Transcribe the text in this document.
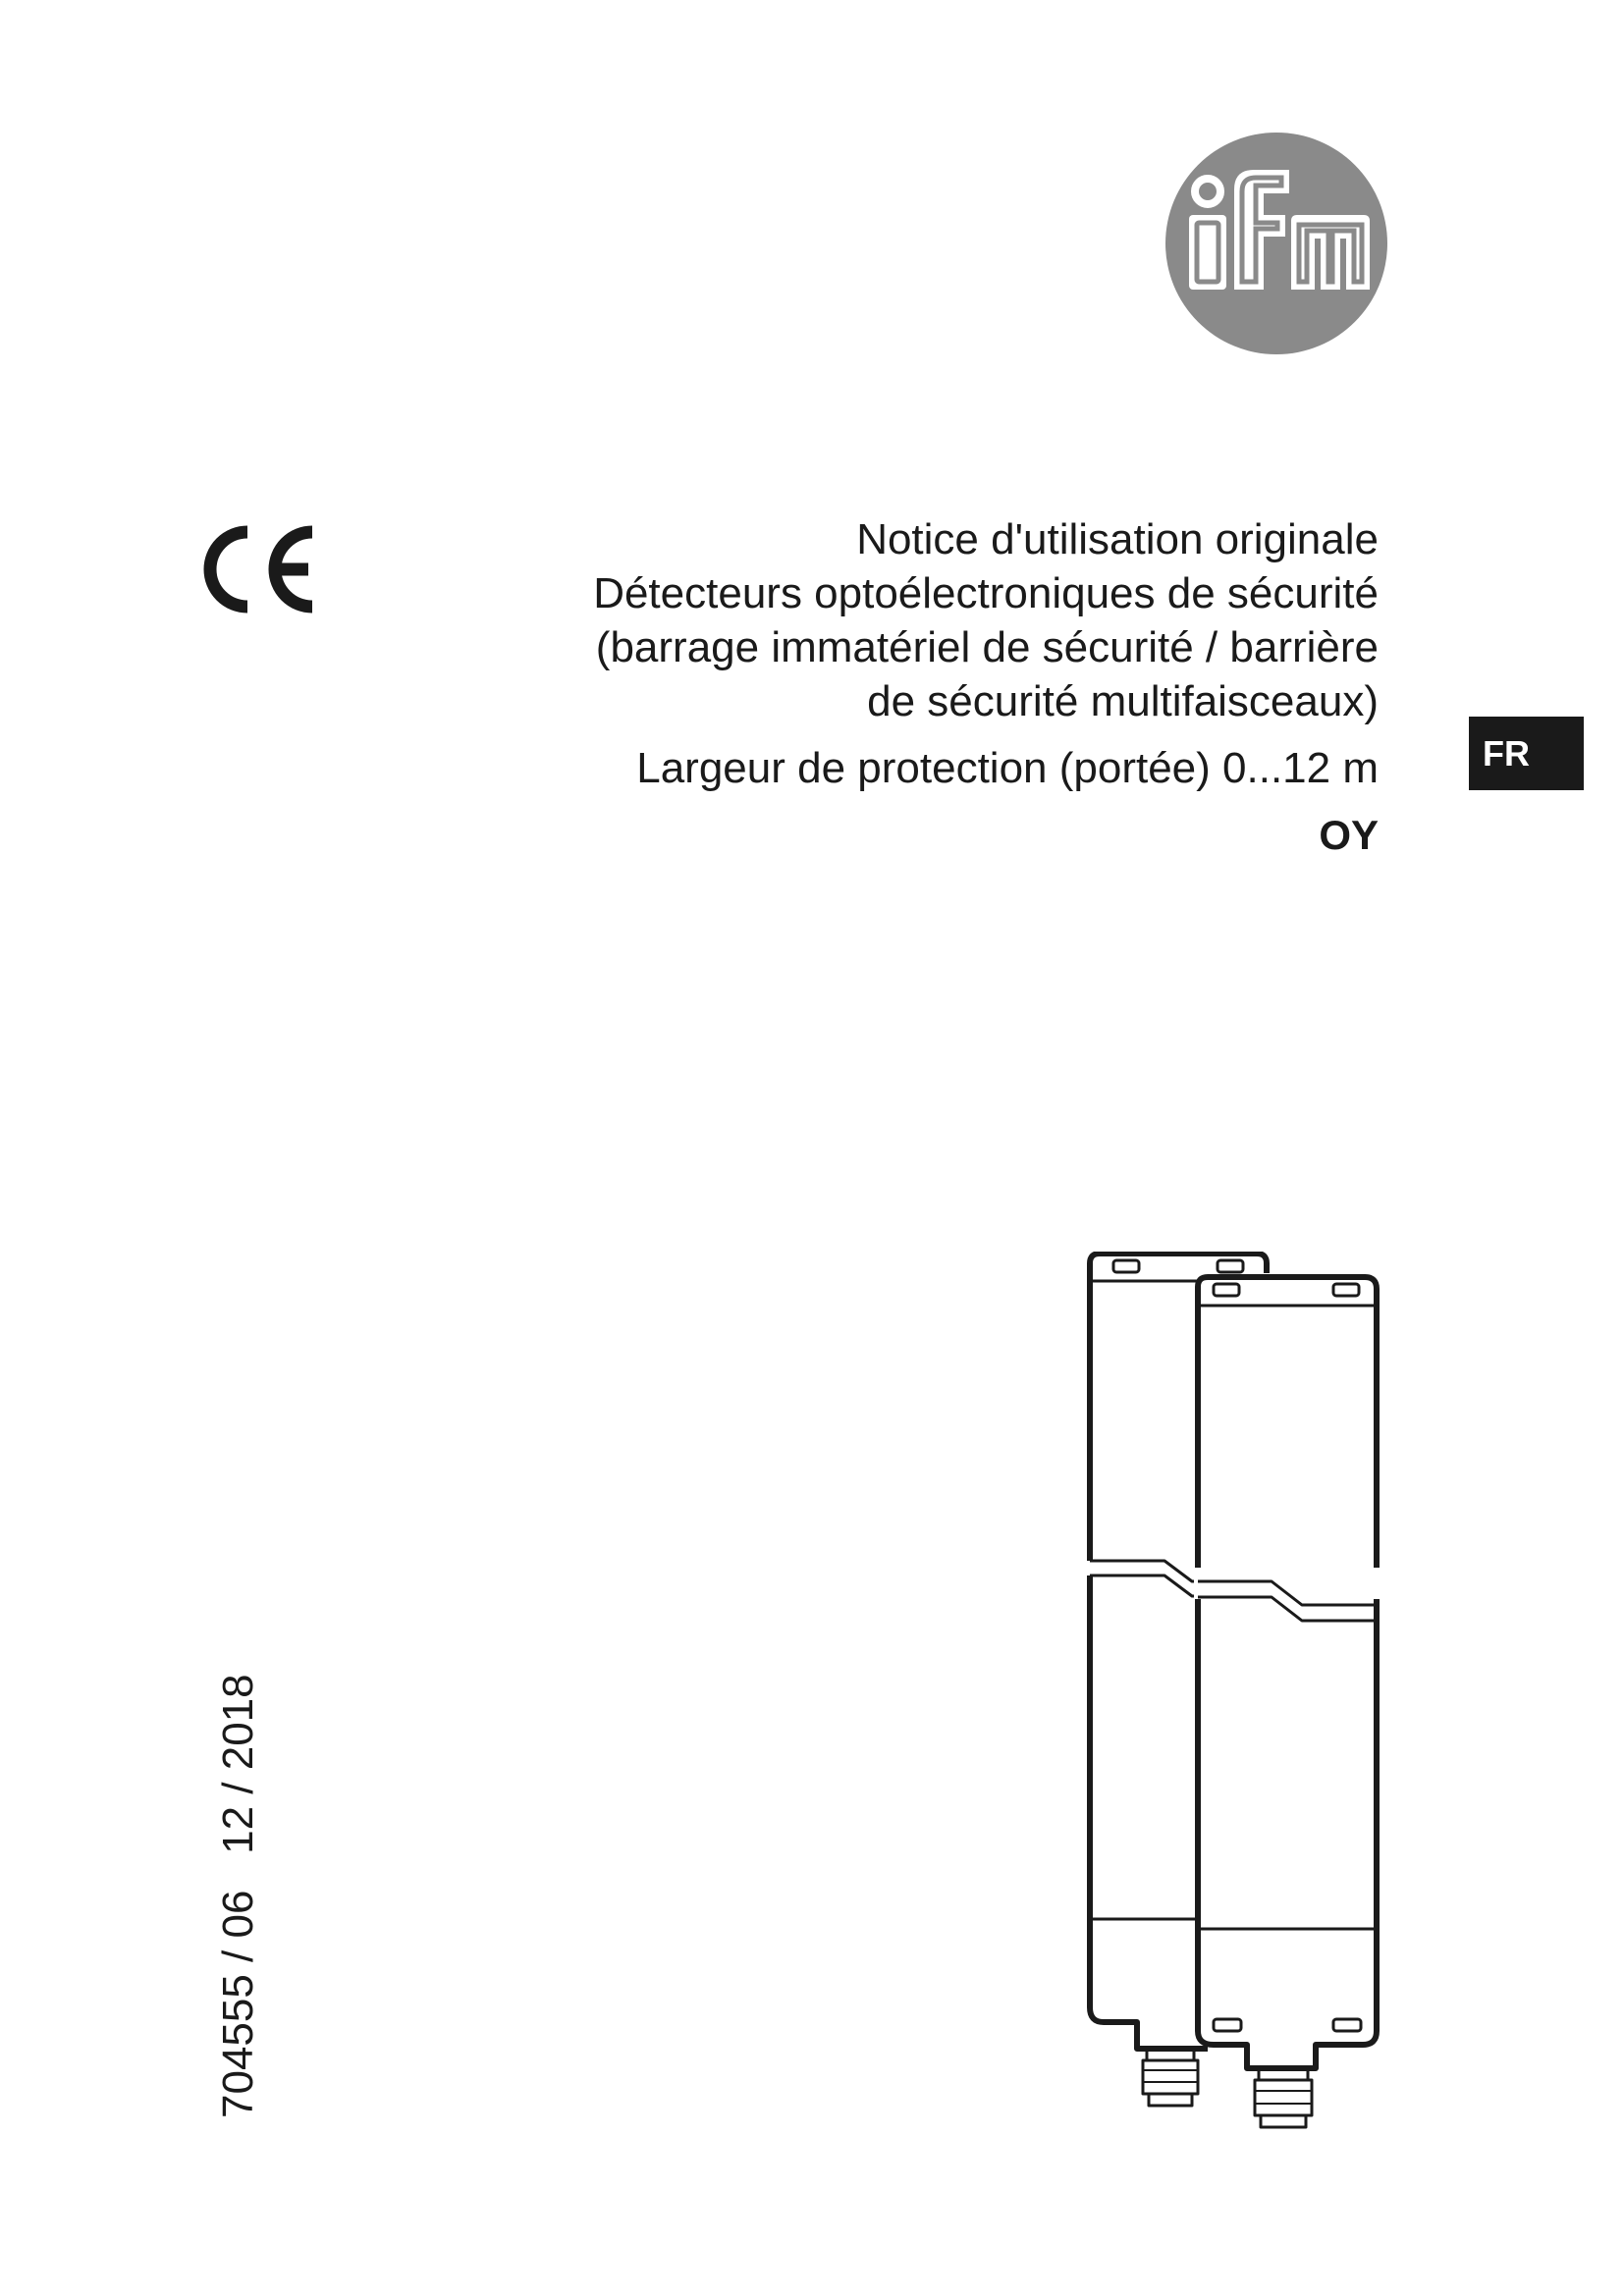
Notice d'utilisation originale
Détecteurs optoélectroniques de sécurité
(barrage immatériel de sécurité / barrière
de sécurité multifaisceaux)
Largeur de protection (portée) 0...12 m
OY
FR
704555 / 06   12 / 2018
